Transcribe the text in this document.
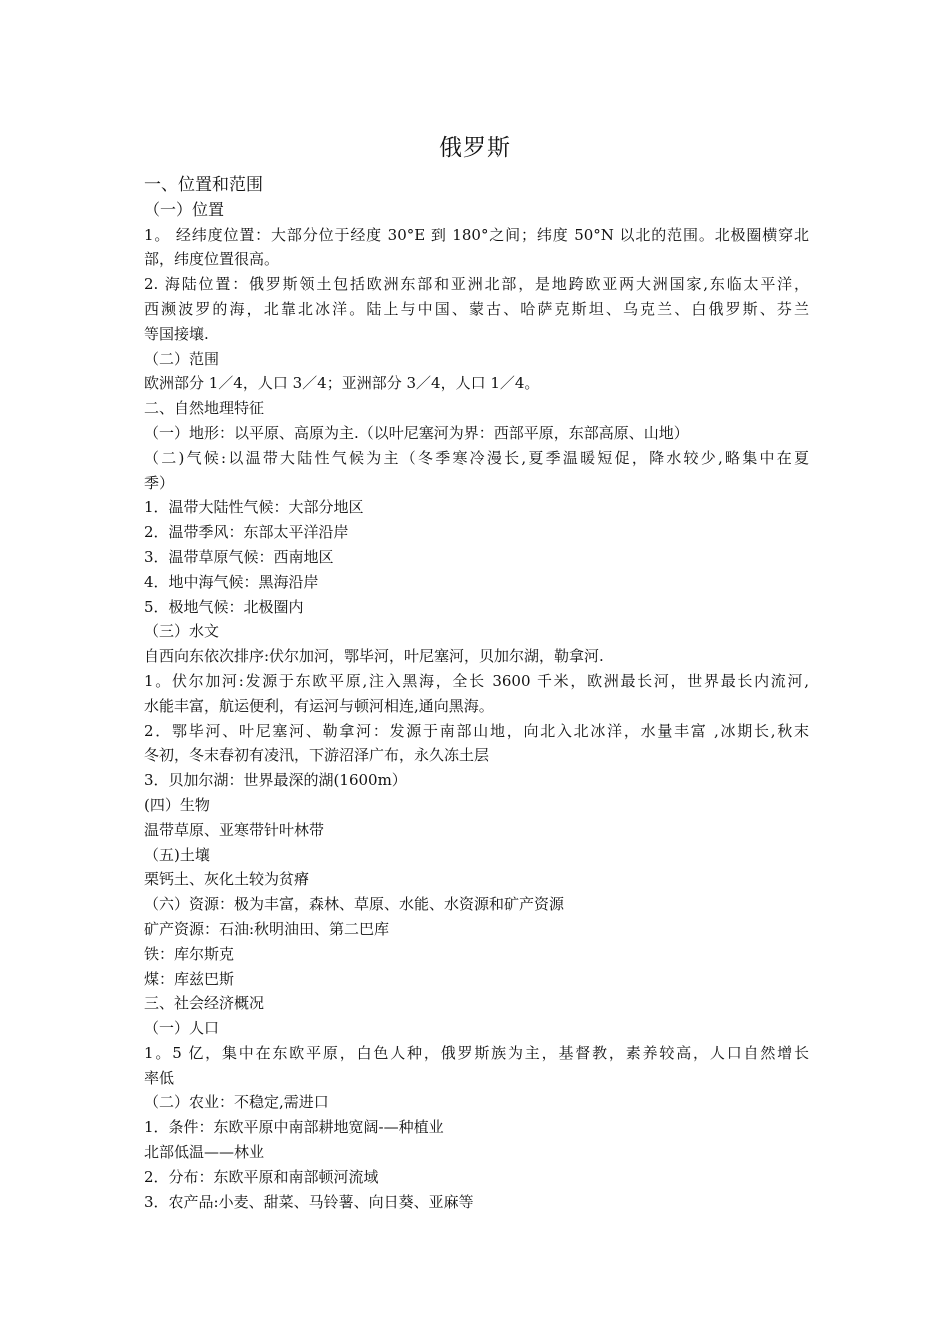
俄罗斯
一、位置和范围
（一）位置
1。 经纬度位置：大部分位于经度 30°E 到 180°之间；纬度 50°N 以北的范围。北极圈横穿北
部，纬度位置很高。
2. 海陆位置：俄罗斯领土包括欧洲东部和亚洲北部，是地跨欧亚两大洲国家,东临太平洋，
西濒波罗的海，北靠北冰洋。陆上与中国、蒙古、哈萨克斯坦、乌克兰、白俄罗斯、芬兰
等国接壤.
（二）范围
欧洲部分 1／4，人口 3／4；亚洲部分 3／4，人口 1／4。
二、自然地理特征
（一）地形：以平原、高原为主.（以叶尼塞河为界：西部平原，东部高原、山地）
（二)气候:以温带大陆性气候为主（冬季寒冷漫长,夏季温暖短促，降水较少,略集中在夏
季）
1．温带大陆性气候：大部分地区
2．温带季风：东部太平洋沿岸
3．温带草原气候：西南地区
4．地中海气候：黑海沿岸
5．极地气候：北极圈内
（三）水文
自西向东依次排序:伏尔加河，鄂毕河，叶尼塞河，贝加尔湖，勒拿河.
1。伏尔加河:发源于东欧平原,注入黑海，全长 3600 千米，欧洲最长河，世界最长内流河,
水能丰富，航运便利，有运河与顿河相连,通向黑海。
2．鄂毕河、叶尼塞河、勒拿河：发源于南部山地，向北入北冰洋，水量丰富 ,冰期长,秋末
冬初，冬末春初有凌汛，下游沼泽广布，永久冻土层
3．贝加尔湖：世界最深的湖(1600m）
(四）生物
温带草原、亚寒带针叶林带
（五)土壤
栗钙土、灰化土较为贫瘠
（六）资源：极为丰富，森林、草原、水能、水资源和矿产资源
矿产资源：石油:秋明油田、第二巴库
铁：库尔斯克
煤：库兹巴斯
三、社会经济概况
（一）人口
1。5 亿，集中在东欧平原，白色人种，俄罗斯族为主，基督教，素养较高，人口自然增长
率低
（二）农业：不稳定,需进口
1．条件：东欧平原中南部耕地宽阔-—种植业
北部低温——林业
2．分布：东欧平原和南部顿河流域
3．农产品:小麦、甜菜、马铃薯、向日葵、亚麻等
